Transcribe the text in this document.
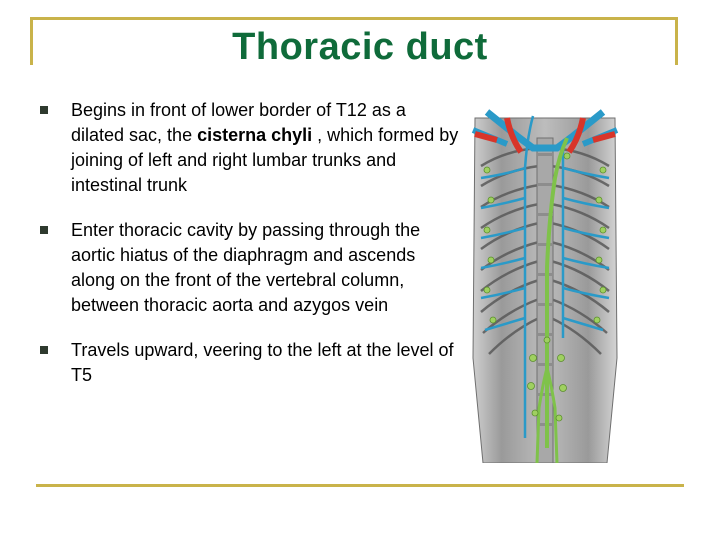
Thoracic duct
Begins in front of lower border of T12 as a dilated sac, the cisterna chyli , which formed by joining of left and right lumbar trunks and intestinal trunk
Enter thoracic cavity by passing through the aortic hiatus of the diaphragm and ascends along on the front of the vertebral column, between thoracic aorta and azygos vein
Travels upward, veering to the left at the level of T5
